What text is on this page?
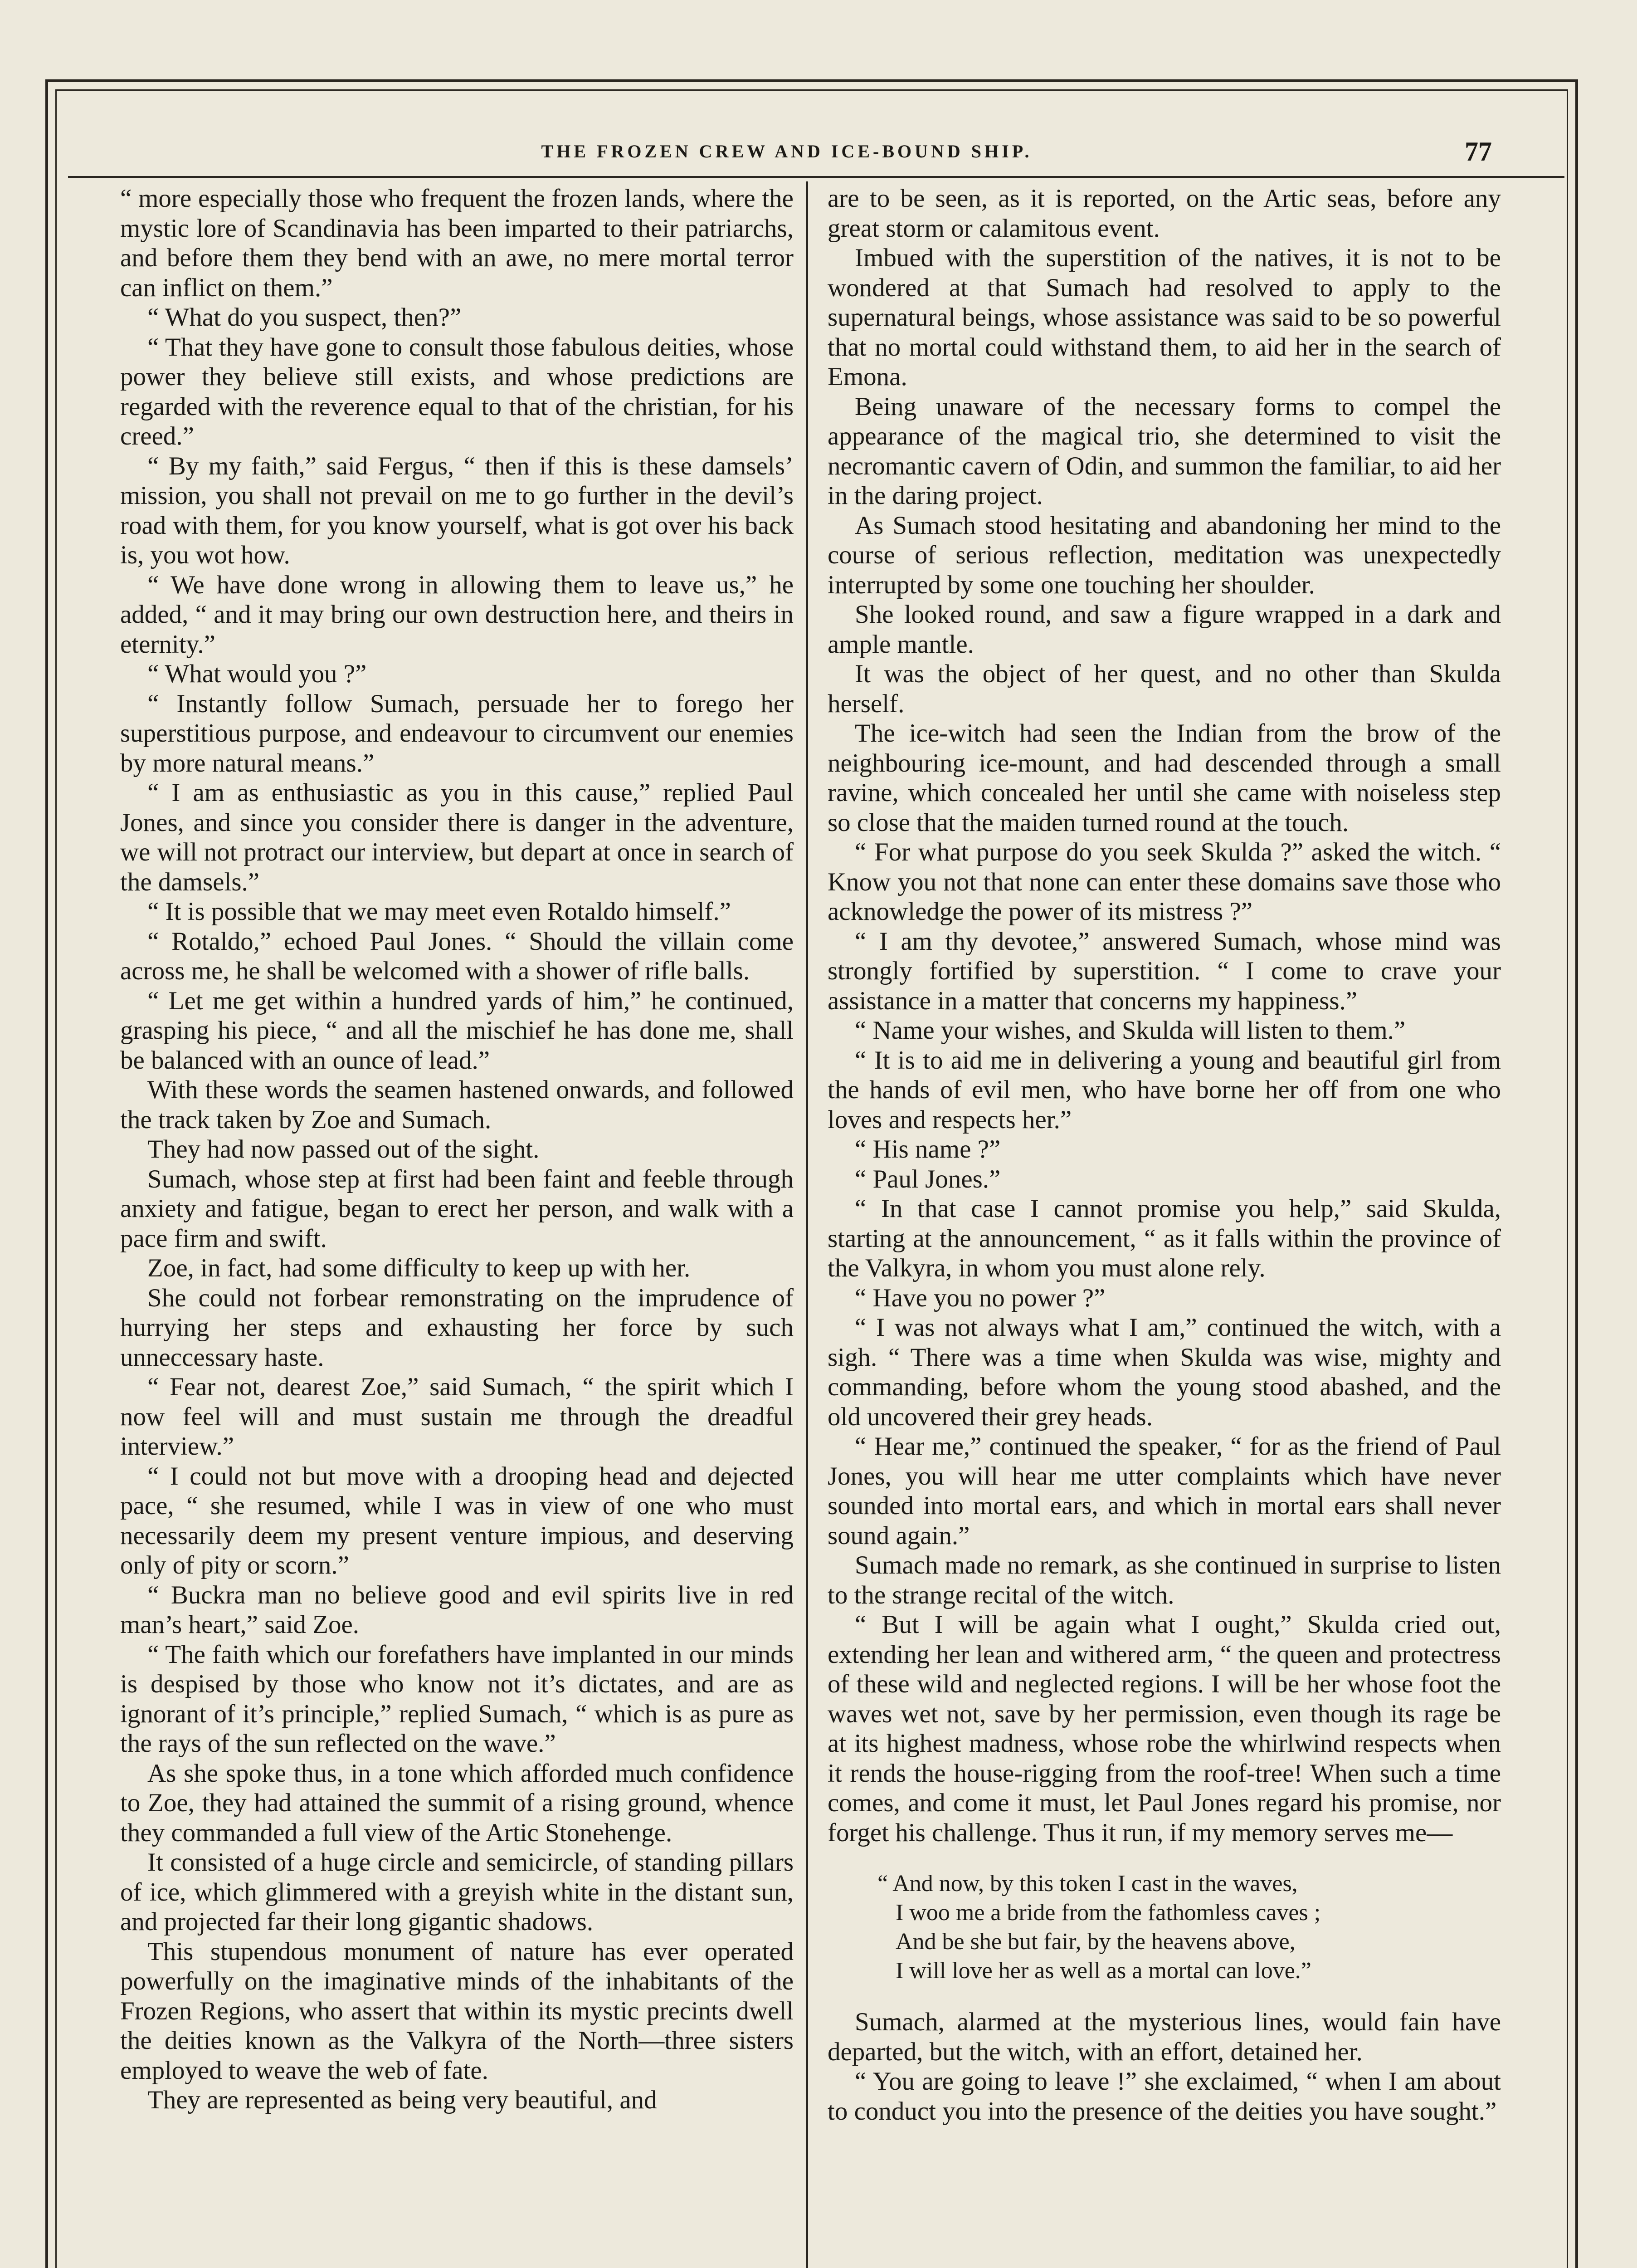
THE FROZEN CREW AND ICE-BOUND SHIP.	77

“ more especially those who frequent the frozen lands, where the mystic lore of Scandinavia has been imparted to their patriarchs, and before them they bend with an awe, no mere mortal terror can inflict on them.”

“ What do you suspect, then?”

“ That they have gone to consult those fabulous deities, whose power they believe still exists, and whose predictions are regarded with the reverence equal to that of the christian, for his creed.”

“ By my faith,” said Fergus, “ then if this is these damsels’ mission, you shall not prevail on me to go further in the devil’s road with them, for you know yourself, what is got over his back is, you wot how.

“ We have done wrong in allowing them to leave us,” he added, “ and it may bring our own destruction here, and theirs in eternity.”

“ What would you ?”

“ Instantly follow Sumach, persuade her to forego her superstitious purpose, and endeavour to circumvent our enemies by more natural means.”

“ I am as enthusiastic as you in this cause,” replied Paul Jones, and since you consider there is danger in the adventure, we will not protract our interview, but depart at once in search of the damsels.”

“ It is possible that we may meet even Rotaldo himself.”

“ Rotaldo,” echoed Paul Jones. “ Should the villain come across me, he shall be welcomed with a shower of rifle balls.

“ Let me get within a hundred yards of him,” he continued, grasping his piece, “ and all the mischief he has done me, shall be balanced with an ounce of lead.”

With these words the seamen hastened onwards, and followed the track taken by Zoe and Sumach.

They had now passed out of the sight.

Sumach, whose step at first had been faint and feeble through anxiety and fatigue, began to erect her person, and walk with a pace firm and swift.

Zoe, in fact, had some difficulty to keep up with her.

She could not forbear remonstrating on the imprudence of hurrying her steps and exhausting her force by such unneccessary haste.

“ Fear not, dearest Zoe,” said Sumach, “ the spirit which I now feel will and must sustain me through the dreadful interview.”

“ I could not but move with a drooping head and dejected pace, “ she resumed, while I was in view of one who must necessarily deem my present venture impious, and deserving only of pity or scorn.”

“ Buckra man no believe good and evil spirits live in red man’s heart,” said Zoe.

“ The faith which our forefathers have implanted in our minds is despised by those who know not it’s dictates, and are as ignorant of it’s principle,” replied Sumach, “ which is as pure as the rays of the sun reflected on the wave.”

As she spoke thus, in a tone which afforded much confidence to Zoe, they had attained the summit of a rising ground, whence they commanded a full view of the Artic Stonehenge.

It consisted of a huge circle and semicircle, of standing pillars of ice, which glimmered with a greyish white in the distant sun, and projected far their long gigantic shadows.

This stupendous monument of nature has ever operated powerfully on the imaginative minds of the inhabitants of the Frozen Regions, who assert that within its mystic precints dwell the deities known as the Valkyra of the North—three sisters employed to weave the web of fate.

They are represented as being very beautiful, and

are to be seen, as it is reported, on the Artic seas, before any great storm or calamitous event.

Imbued with the superstition of the natives, it is not to be wondered at that Sumach had resolved to apply to the supernatural beings, whose assistance was said to be so powerful that no mortal could withstand them, to aid her in the search of Emona.

Being unaware of the necessary forms to compel the appearance of the magical trio, she determined to visit the necromantic cavern of Odin, and summon the familiar, to aid her in the daring project.

As Sumach stood hesitating and abandoning her mind to the course of serious reflection, meditation was unexpectedly interrupted by some one touching her shoulder.

She looked round, and saw a figure wrapped in a dark and ample mantle.

It was the object of her quest, and no other than Skulda herself.

The ice-witch had seen the Indian from the brow of the neighbouring ice-mount, and had descended through a small ravine, which concealed her until she came with noiseless step so close that the maiden turned round at the touch.

“ For what purpose do you seek Skulda ?” asked the witch. “ Know you not that none can enter these domains save those who acknowledge the power of its mistress ?”

“ I am thy devotee,” answered Sumach, whose mind was strongly fortified by superstition. “ I come to crave your assistance in a matter that concerns my happiness.”

“ Name your wishes, and Skulda will listen to them.”

“ It is to aid me in delivering a young and beautiful girl from the hands of evil men, who have borne her off from one who loves and respects her.”

“ His name ?”

“ Paul Jones.”

“ In that case I cannot promise you help,” said Skulda, starting at the announcement, “ as it falls within the province of the Valkyra, in whom you must alone rely.

“ Have you no power ?”

“ I was not always what I am,” continued the witch, with a sigh. “ There was a time when Skulda was wise, mighty and commanding, before whom the young stood abashed, and the old uncovered their grey heads.

“ Hear me,” continued the speaker, “ for as the friend of Paul Jones, you will hear me utter complaints which have never sounded into mortal ears, and which in mortal ears shall never sound again.”

Sumach made no remark, as she continued in surprise to listen to the strange recital of the witch.

“ But I will be again what I ought,” Skulda cried out, extending her lean and withered arm, “ the queen and protectress of these wild and neglected regions. I will be her whose foot the waves wet not, save by her permission, even though its rage be at its highest madness, whose robe the whirlwind respects when it rends the house-rigging from the roof-tree! When such a time comes, and come it must, let Paul Jones regard his promise, nor forget his challenge. Thus it run, if my memory serves me—

“ And now, by this token I cast in the waves,
I woo me a bride from the fathomless caves ;
And be she but fair, by the heavens above,
I will love her as well as a mortal can love.”

Sumach, alarmed at the mysterious lines, would fain have departed, but the witch, with an effort, detained her.

“ You are going to leave !” she exclaimed, “ when I am about to conduct you into the presence of the deities you have sought.”
